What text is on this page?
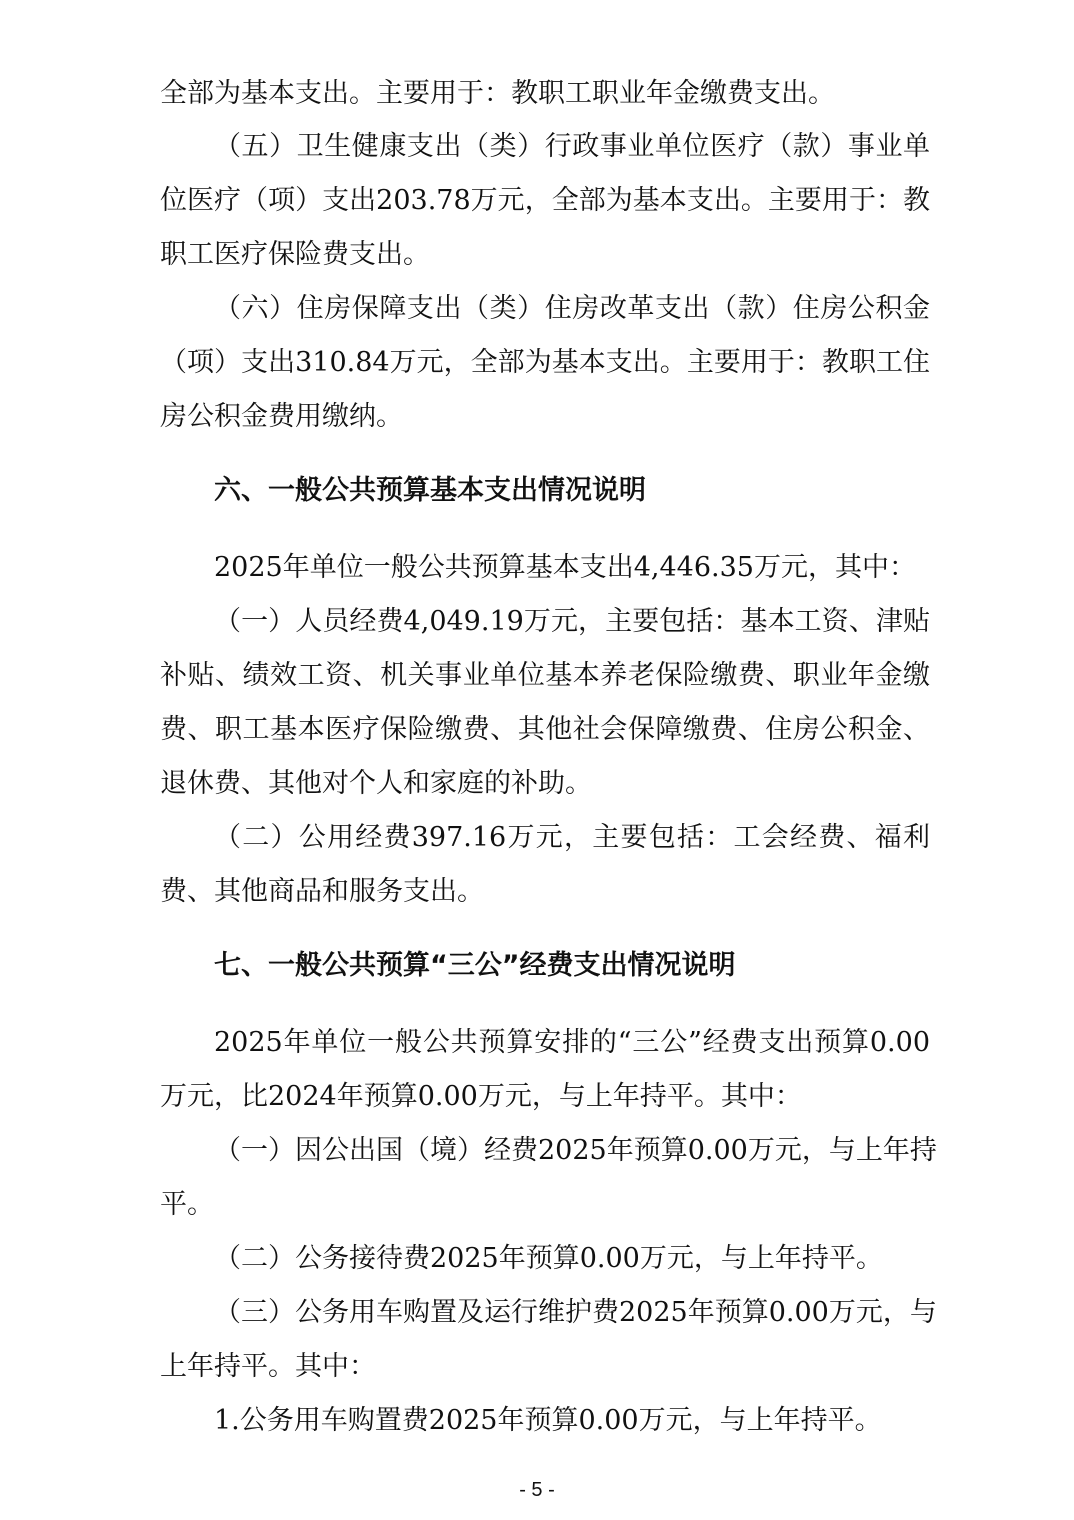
全部为基本支出。主要用于：教职工职业年金缴费支出。
（五）卫生健康支出（类）行政事业单位医疗（款）事业单
位医疗（项）支出203.78万元，全部为基本支出。主要用于：教
职工医疗保险费支出。
（六）住房保障支出（类）住房改革支出（款）住房公积金
（项）支出310.84万元，全部为基本支出。主要用于：教职工住
房公积金费用缴纳。
六、一般公共预算基本支出情况说明
2025年单位一般公共预算基本支出4,446.35万元，其中：
（一）人员经费4,049.19万元，主要包括：基本工资、津贴
补贴、绩效工资、机关事业单位基本养老保险缴费、职业年金缴
费、职工基本医疗保险缴费、其他社会保障缴费、住房公积金、
退休费、其他对个人和家庭的补助。
（二）公用经费397.16万元，主要包括：工会经费、福利
费、其他商品和服务支出。
七、一般公共预算“三公”经费支出情况说明
2025年单位一般公共预算安排的“三公”经费支出预算0.00
万元，比2024年预算0.00万元，与上年持平。其中：
（一）因公出国（境）经费2025年预算0.00万元，与上年持
平。
（二）公务接待费2025年预算0.00万元，与上年持平。
（三）公务用车购置及运行维护费2025年预算0.00万元，与
上年持平。其中：
1.公务用车购置费2025年预算0.00万元，与上年持平。
- 5 -
